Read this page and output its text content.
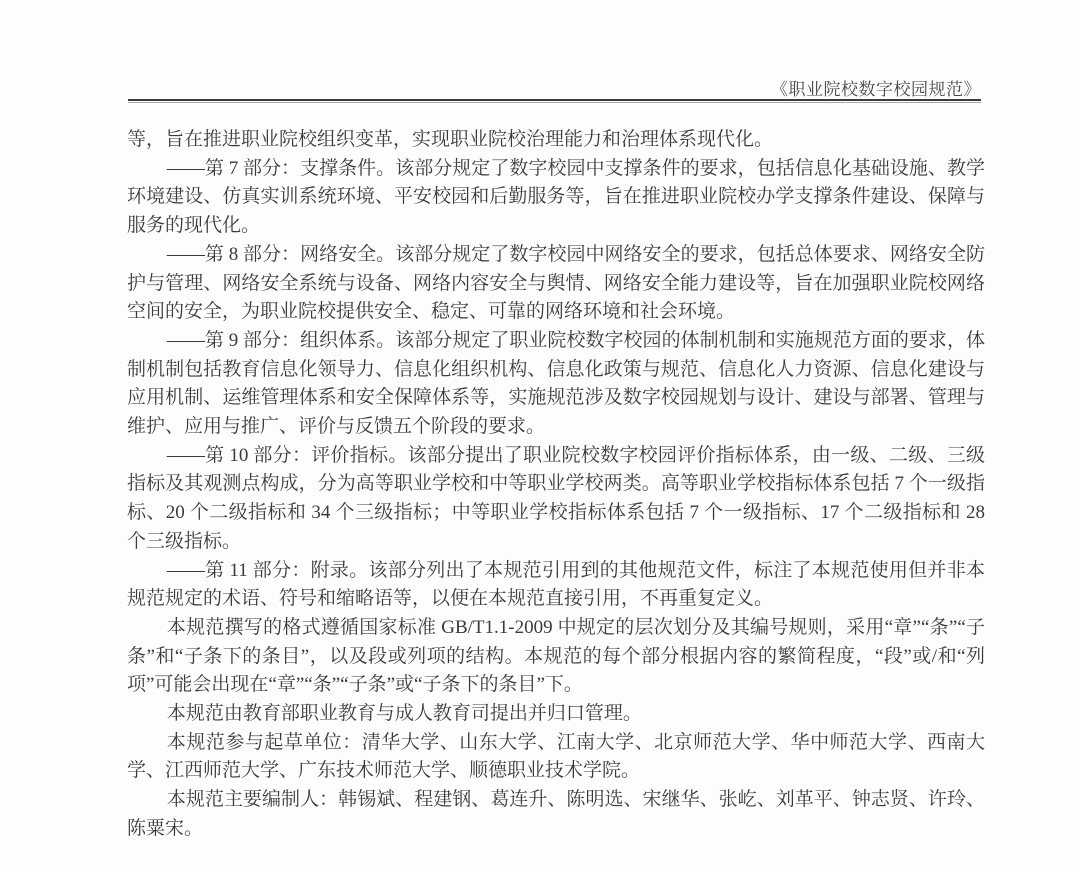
《职业院校数字校园规范》

等，旨在推进职业院校组织变革，实现职业院校治理能力和治理体系现代化。

——第 7 部分：支撑条件。该部分规定了数字校园中支撑条件的要求，包括信息化基础设施、教学环境建设、仿真实训系统环境、平安校园和后勤服务等，旨在推进职业院校办学支撑条件建设、保障与服务的现代化。

——第 8 部分：网络安全。该部分规定了数字校园中网络安全的要求，包括总体要求、网络安全防护与管理、网络安全系统与设备、网络内容安全与舆情、网络安全能力建设等，旨在加强职业院校网络空间的安全，为职业院校提供安全、稳定、可靠的网络环境和社会环境。

——第 9 部分：组织体系。该部分规定了职业院校数字校园的体制机制和实施规范方面的要求，体制机制包括教育信息化领导力、信息化组织机构、信息化政策与规范、信息化人力资源、信息化建设与应用机制、运维管理体系和安全保障体系等，实施规范涉及数字校园规划与设计、建设与部署、管理与维护、应用与推广、评价与反馈五个阶段的要求。

——第 10 部分：评价指标。该部分提出了职业院校数字校园评价指标体系，由一级、二级、三级指标及其观测点构成，分为高等职业学校和中等职业学校两类。高等职业学校指标体系包括 7 个一级指标、20 个二级指标和 34 个三级指标；中等职业学校指标体系包括 7 个一级指标、17 个二级指标和 28 个三级指标。

——第 11 部分：附录。该部分列出了本规范引用到的其他规范文件，标注了本规范使用但并非本规范规定的术语、符号和缩略语等，以便在本规范直接引用，不再重复定义。

本规范撰写的格式遵循国家标准 GB/T1.1-2009 中规定的层次划分及其编号规则，采用“章”“条”“子条”和“子条下的条目”，以及段或列项的结构。本规范的每个部分根据内容的繁简程度，“段”或/和“列项”可能会出现在“章”“条”“子条”或“子条下的条目”下。

本规范由教育部职业教育与成人教育司提出并归口管理。

本规范参与起草单位：清华大学、山东大学、江南大学、北京师范大学、华中师范大学、西南大学、江西师范大学、广东技术师范大学、顺德职业技术学院。

本规范主要编制人：韩锡斌、程建钢、葛连升、陈明选、宋继华、张屹、刘革平、钟志贤、许玲、陈粟宋。
